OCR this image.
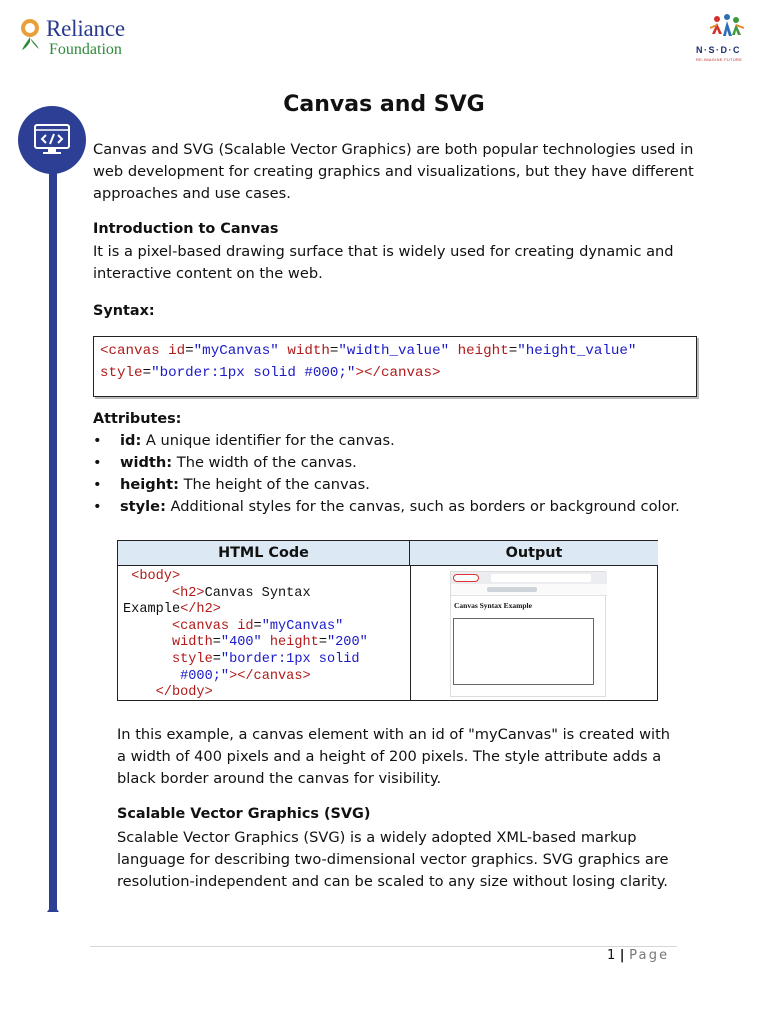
Reliance
Foundation	N·S·D·C
RE-IMAGINE FUTURE
Canvas and SVG
Canvas and SVG (Scalable Vector Graphics) are both popular technologies used in web development for creating graphics and visualizations, but they have different approaches and use cases.
Introduction to Canvas
It is a pixel-based drawing surface that is widely used for creating dynamic and interactive content on the web.
Syntax:
<canvas id="myCanvas" width="width_value" height="height_value"
style="border:1px solid #000;"></canvas>
Attributes:
• id: A unique identifier for the canvas.
• width: The width of the canvas.
• height: The height of the canvas.
• style: Additional styles for the canvas, such as borders or background color.
HTML Code	Output
<body>
<h2>Canvas Syntax
Example</h2>
<canvas id="myCanvas"
width="400" height="200"
style="border:1px solid
#000;"></canvas>
</body>
Canvas Syntax Example
In this example, a canvas element with an id of "myCanvas" is created with a width of 400 pixels and a height of 200 pixels. The style attribute adds a black border around the canvas for visibility.
Scalable Vector Graphics (SVG)
Scalable Vector Graphics (SVG) is a widely adopted XML-based markup language for describing two-dimensional vector graphics. SVG graphics are resolution-independent and can be scaled to any size without losing clarity.
1 | Page
